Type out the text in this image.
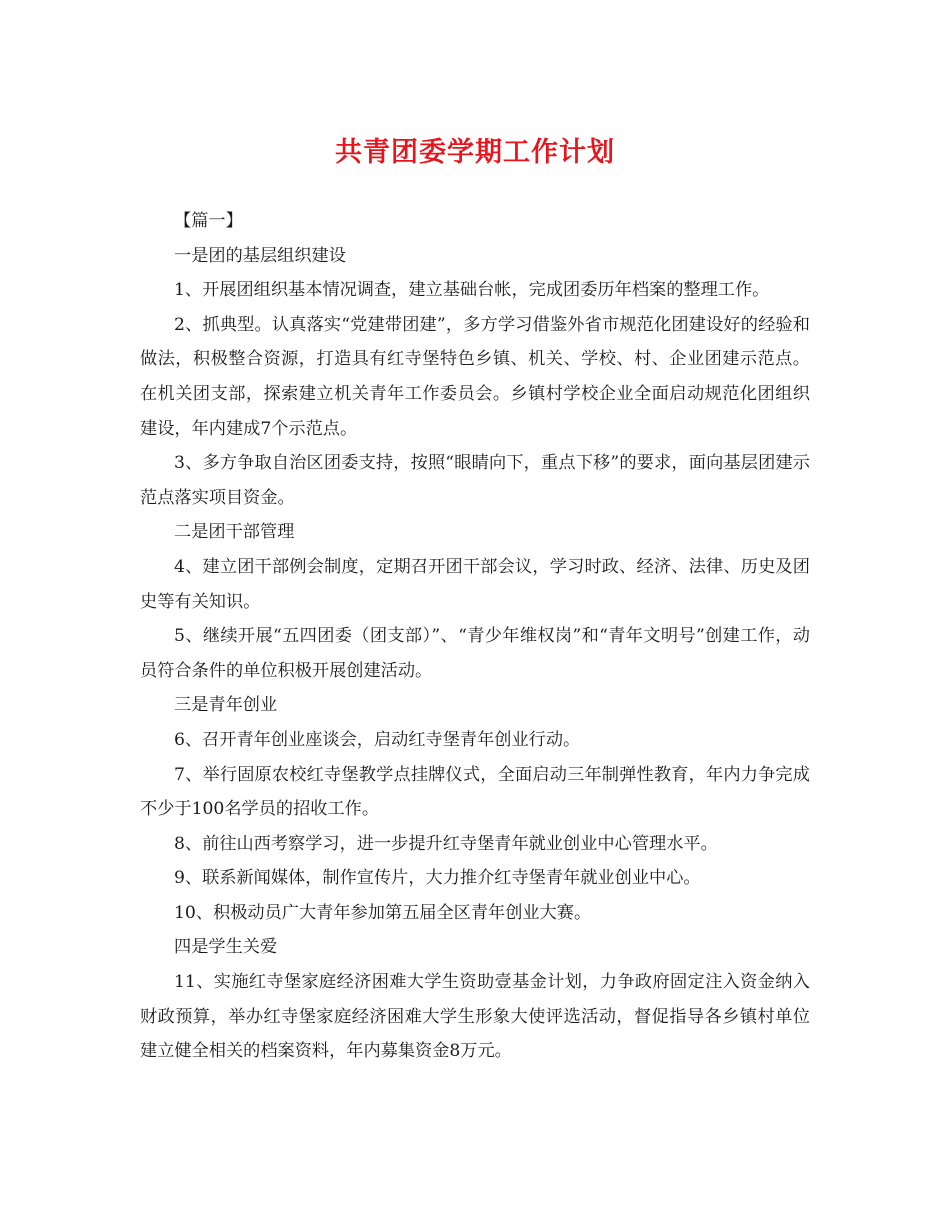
共青团委学期工作计划

【篇一】

一是团的基层组织建设

1、开展团组织基本情况调查，建立基础台帐，完成团委历年档案的整理工作。

2、抓典型。认真落实“党建带团建”，多方学习借鉴外省市规范化团建设好的经验和做法，积极整合资源，打造具有红寺堡特色乡镇、机关、学校、村、企业团建示范点。在机关团支部，探索建立机关青年工作委员会。乡镇村学校企业全面启动规范化团组织建设，年内建成7个示范点。

3、多方争取自治区团委支持，按照“眼睛向下，重点下移”的要求，面向基层团建示范点落实项目资金。

二是团干部管理

4、建立团干部例会制度，定期召开团干部会议，学习时政、经济、法律、历史及团史等有关知识。

5、继续开展“五四团委（团支部）”、“青少年维权岗”和“青年文明号”创建工作，动员符合条件的单位积极开展创建活动。

三是青年创业

6、召开青年创业座谈会，启动红寺堡青年创业行动。

7、举行固原农校红寺堡教学点挂牌仪式，全面启动三年制弹性教育，年内力争完成不少于100名学员的招收工作。

8、前往山西考察学习，进一步提升红寺堡青年就业创业中心管理水平。

9、联系新闻媒体，制作宣传片，大力推介红寺堡青年就业创业中心。

10、积极动员广大青年参加第五届全区青年创业大赛。

四是学生关爱

11、实施红寺堡家庭经济困难大学生资助壹基金计划，力争政府固定注入资金纳入财政预算，举办红寺堡家庭经济困难大学生形象大使评选活动，督促指导各乡镇村单位建立健全相关的档案资料，年内募集资金8万元。
